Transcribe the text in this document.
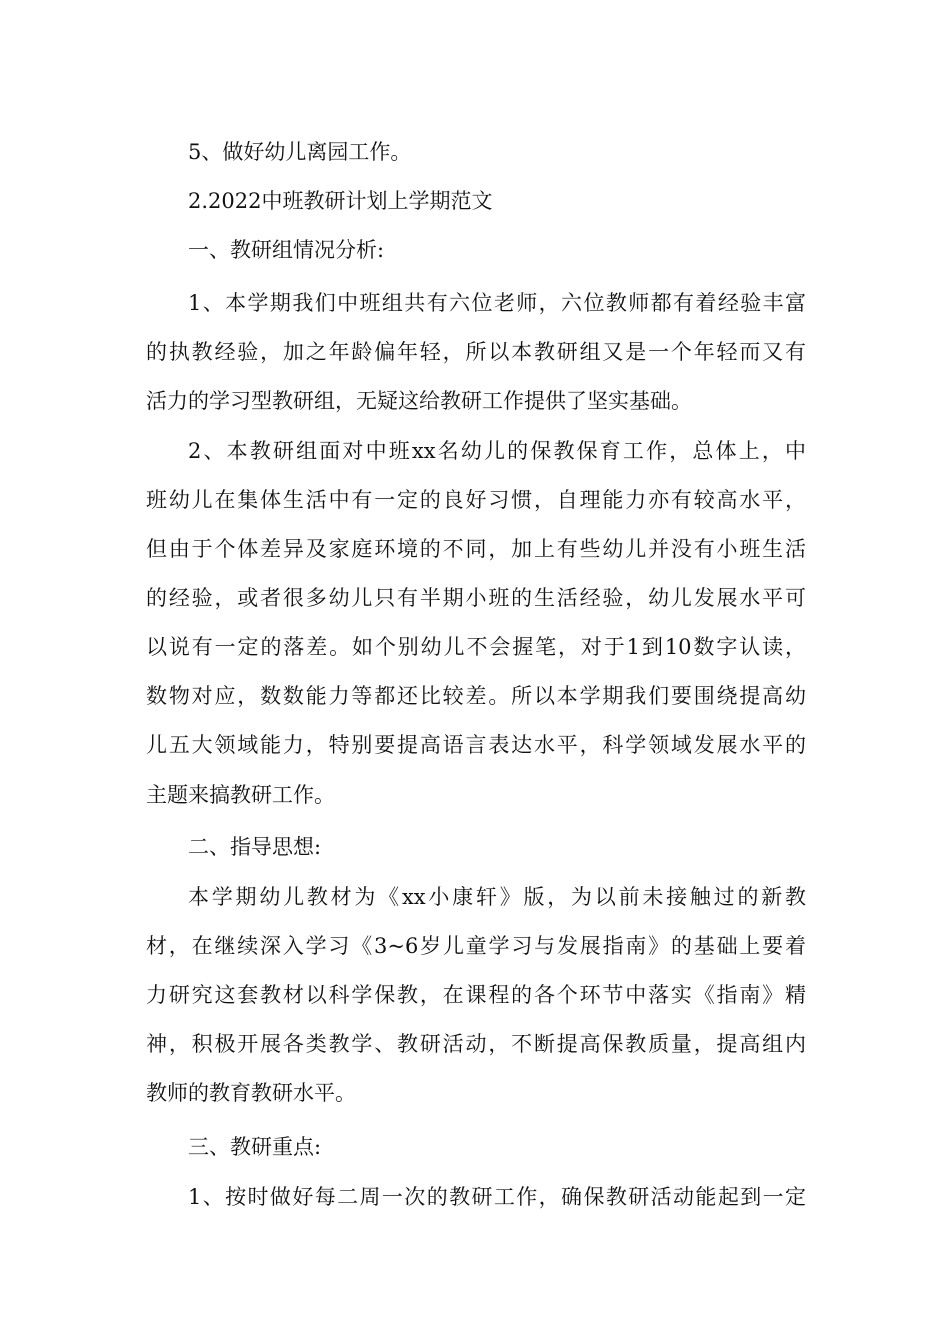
5、做好幼儿离园工作。
2.2022中班教研计划上学期范文
一、教研组情况分析:
1、本学期我们中班组共有六位老师，六位教师都有着经验丰富
的执教经验，加之年龄偏年轻，所以本教研组又是一个年轻而又有
活力的学习型教研组，无疑这给教研工作提供了坚实基础。
2、本教研组面对中班xx名幼儿的保教保育工作，总体上，中
班幼儿在集体生活中有一定的良好习惯，自理能力亦有较高水平，
但由于个体差异及家庭环境的不同，加上有些幼儿并没有小班生活
的经验，或者很多幼儿只有半期小班的生活经验，幼儿发展水平可
以说有一定的落差。如个别幼儿不会握笔，对于1到10数字认读，
数物对应，数数能力等都还比较差。所以本学期我们要围绕提高幼
儿五大领域能力，特别要提高语言表达水平，科学领域发展水平的
主题来搞教研工作。
二、指导思想:
本学期幼儿教材为《xx小康轩》版，为以前未接触过的新教
材，在继续深入学习《3~6岁儿童学习与发展指南》的基础上要着
力研究这套教材以科学保教，在课程的各个环节中落实《指南》精
神，积极开展各类教学、教研活动，不断提高保教质量，提高组内
教师的教育教研水平。
三、教研重点:
1、按时做好每二周一次的教研工作，确保教研活动能起到一定
